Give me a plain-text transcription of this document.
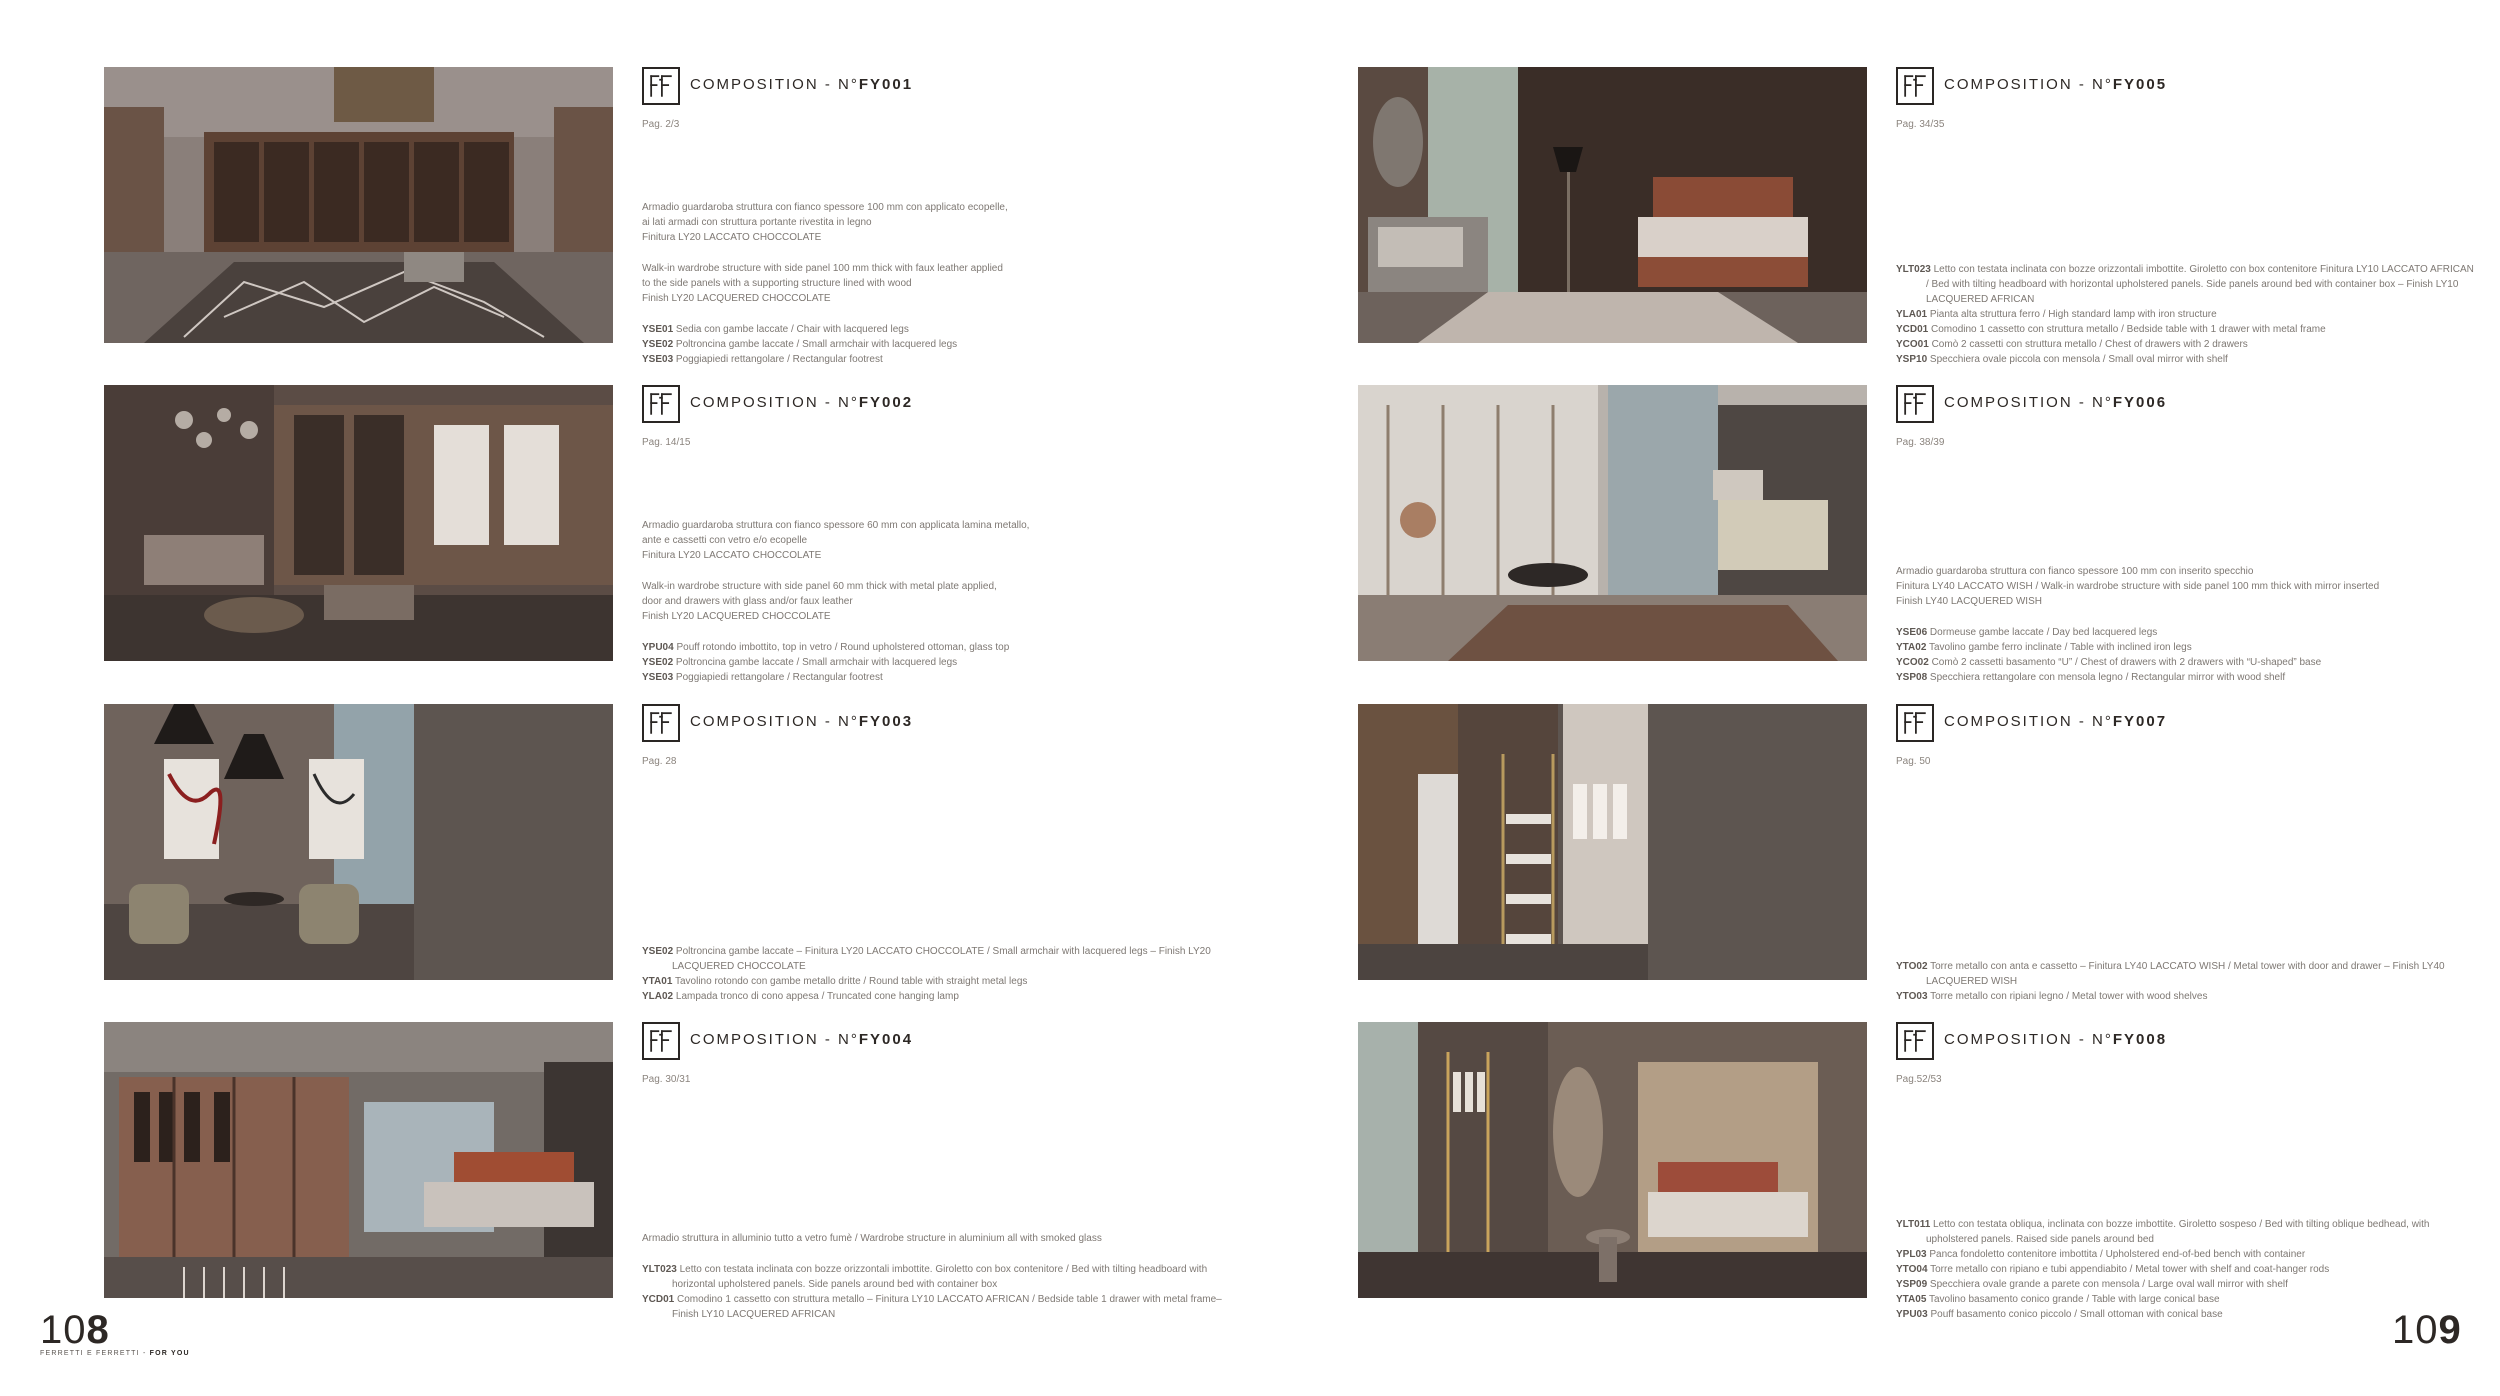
COMPOSITION - N°FY001
Pag. 2/3
Armadio guardaroba struttura con fianco spessore 100 mm con applicato ecopelle,
ai lati armadi con struttura portante rivestita in legno
Finitura LY20 LACCATO CHOCCOLATE
Walk-in wardrobe structure with side panel 100 mm thick with faux leather applied
to the side panels with a supporting structure lined with wood
Finish LY20 LACQUERED CHOCCOLATE
YSE01 Sedia con gambe laccate / Chair with lacquered legs
YSE02 Poltroncina gambe laccate / Small armchair with lacquered legs
YSE03 Poggiapiedi rettangolare / Rectangular footrest
COMPOSITION - N°FY002
Pag. 14/15
Armadio guardaroba struttura con fianco spessore 60 mm con applicata lamina metallo,
ante e cassetti con vetro e/o ecopelle
Finitura LY20 LACCATO CHOCCOLATE
Walk-in wardrobe structure with side panel 60 mm thick with metal plate applied,
door and drawers with glass and/or faux leather
Finish LY20 LACQUERED CHOCCOLATE
YPU04 Pouff rotondo imbottito, top in vetro / Round upholstered ottoman, glass top
YSE02 Poltroncina gambe laccate / Small armchair with lacquered legs
YSE03 Poggiapiedi rettangolare / Rectangular footrest
COMPOSITION - N°FY003
Pag. 28
YSE02 Poltroncina gambe laccate – Finitura LY20 LACCATO CHOCCOLATE / Small armchair with lacquered legs – Finish LY20 LACQUERED CHOCCOLATE
YTA01 Tavolino rotondo con gambe metallo dritte / Round table with straight metal legs
YLA02 Lampada tronco di cono appesa / Truncated cone hanging lamp
COMPOSITION - N°FY004
Pag. 30/31
Armadio struttura in alluminio tutto a vetro fumè / Wardrobe structure in aluminium all with smoked glass
YLT023 Letto con testata inclinata con bozze orizzontali imbottite. Giroletto con box contenitore / Bed with tilting headboard with horizontal upholstered panels. Side panels around bed with container box
YCD01 Comodino 1 cassetto con struttura metallo – Finitura LY10 LACCATO AFRICAN / Bedside table 1 drawer with metal frame– Finish LY10 LACQUERED AFRICAN
COMPOSITION - N°FY005
Pag. 34/35
YLT023 Letto con testata inclinata con bozze orizzontali imbottite. Giroletto con box contenitore Finitura LY10 LACCATO AFRICAN / Bed with tilting headboard with horizontal upholstered panels. Side panels around bed with container box – Finish LY10 LACQUERED AFRICAN
YLA01 Pianta alta struttura ferro / High standard lamp with iron structure
YCD01 Comodino 1 cassetto con struttura metallo / Bedside table with 1 drawer with metal frame
YCO01 Comò 2 cassetti con struttura metallo / Chest of drawers with 2 drawers
YSP10 Specchiera ovale piccola con mensola / Small oval mirror with shelf
COMPOSITION - N°FY006
Pag. 38/39
Armadio guardaroba struttura con fianco spessore 100 mm con inserito specchio
Finitura LY40 LACCATO WISH / Walk-in wardrobe structure with side panel 100 mm thick with mirror inserted
Finish LY40 LACQUERED WISH
YSE06 Dormeuse gambe laccate / Day bed lacquered legs
YTA02 Tavolino gambe ferro inclinate / Table with inclined iron legs
YCO02 Comò 2 cassetti basamento “U” / Chest of drawers with 2 drawers with “U-shaped” base
YSP08 Specchiera rettangolare con mensola legno / Rectangular mirror with wood shelf
COMPOSITION - N°FY007
Pag. 50
YTO02 Torre metallo con anta e cassetto – Finitura LY40 LACCATO WISH / Metal tower with door and drawer – Finish LY40 LACQUERED WISH
YTO03 Torre metallo con ripiani legno / Metal tower with wood shelves
COMPOSITION - N°FY008
Pag.52/53
YLT011 Letto con testata obliqua, inclinata con bozze imbottite. Giroletto sospeso / Bed with tilting oblique bedhead, with upholstered panels. Raised side panels around bed
YPL03 Panca fondoletto contenitore imbottita / Upholstered end-of-bed bench with container
YTO04 Torre metallo con ripiano e tubi appendiabito / Metal tower with shelf and coat-hanger rods
YSP09 Specchiera ovale grande a parete con mensola / Large oval wall mirror with shelf
YTA05 Tavolino basamento conico grande / Table with large conical base
YPU03 Pouff basamento conico piccolo / Small ottoman with conical base
108
FERRETTI E FERRETTI - FOR YOU
109
